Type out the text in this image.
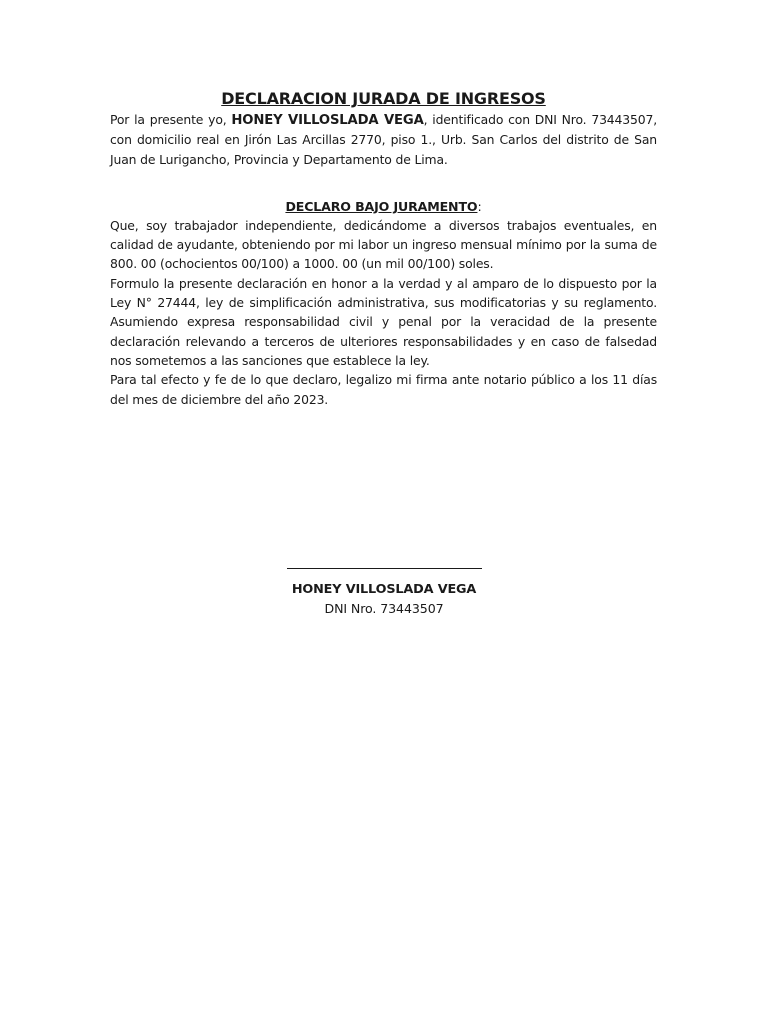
DECLARACION JURADA DE INGRESOS

Por la presente yo, HONEY VILLOSLADA VEGA, identificado con DNI Nro. 73443507, con domicilio real en Jirón Las Arcillas 2770, piso 1., Urb. San Carlos del distrito de San Juan de Lurigancho, Provincia y Departamento de Lima.

DECLARO BAJO JURAMENTO:

Que, soy trabajador independiente, dedicándome a diversos trabajos eventuales, en calidad de ayudante, obteniendo por mi labor un ingreso mensual mínimo por la suma de 800. 00 (ochocientos 00/100) a 1000. 00 (un mil 00/100) soles.

Formulo la presente declaración en honor a la verdad y al amparo de lo dispuesto por la Ley N° 27444, ley de simplificación administrativa, sus modificatorias y su reglamento. Asumiendo expresa responsabilidad civil y penal por la veracidad de la presente declaración relevando a terceros de ulteriores responsabilidades y en caso de falsedad nos sometemos a las sanciones que establece la ley.

Para tal efecto y fe de lo que declaro, legalizo mi firma ante notario público a los 11 días del mes de diciembre del año 2023.

HONEY VILLOSLADA VEGA
DNI Nro. 73443507
